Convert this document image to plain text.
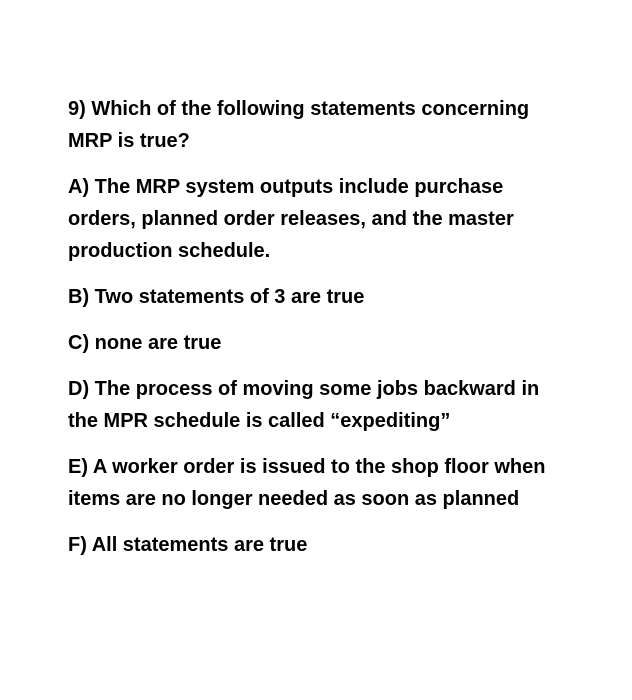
9) Which of the following statements concerning MRP is true?

A) The MRP system outputs include purchase orders, planned order releases, and the master production schedule.
B) Two statements of 3 are true
C) none are true
D) The process of moving some jobs backward in the MPR schedule is called “expediting”
E) A worker order is issued to the shop floor when items are no longer needed as soon as planned
F) All statements are true
